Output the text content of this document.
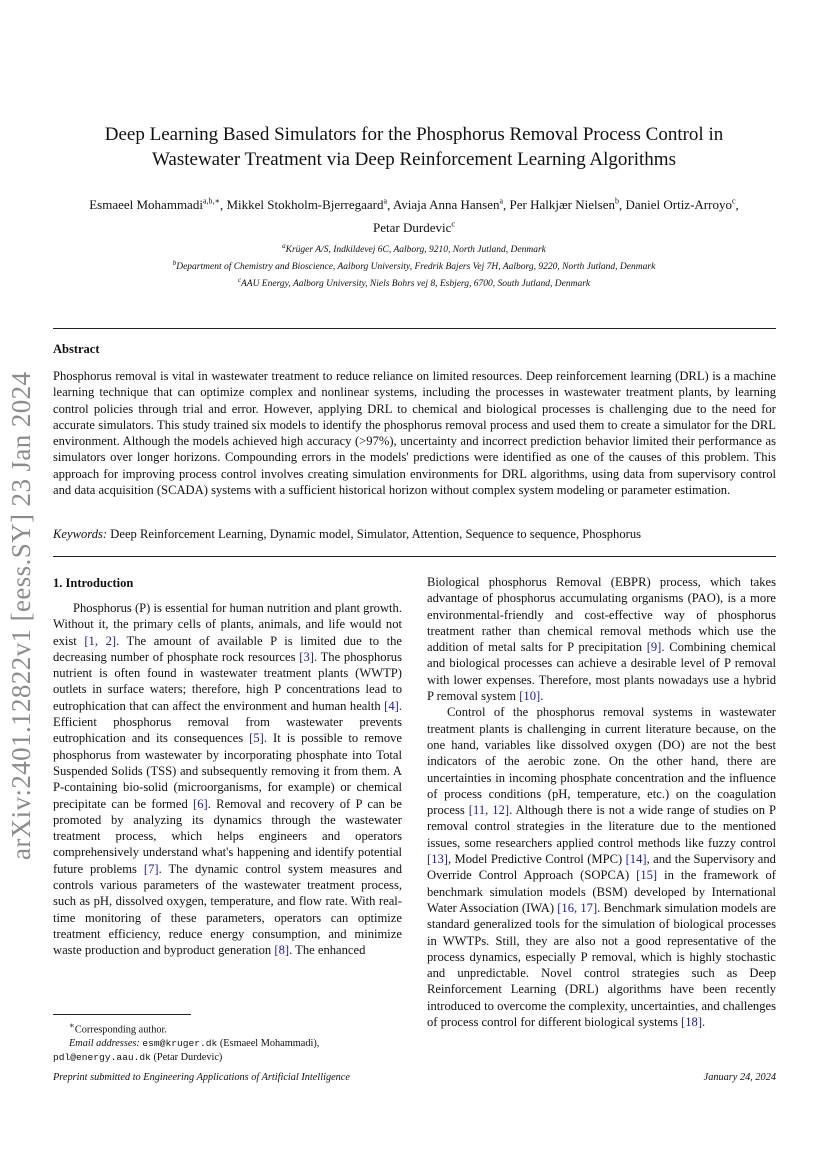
arXiv:2401.12822v1 [eess.SY] 23 Jan 2024
Deep Learning Based Simulators for the Phosphorus Removal Process Control in
Wastewater Treatment via Deep Reinforcement Learning Algorithms
Esmaeel Mohammadi$^{a,b,∗}$, Mikkel Stokholm-Bjerregaard$^a$, Aviaja Anna Hansen$^a$, Per Halkjær Nielsen$^b$, Daniel Ortiz-Arroyo$^c$,
Petar Durdevic$^c$
$^a$Krüger A/S, Indkildevej 6C, Aalborg, 9210, North Jutland, Denmark
$^b$Department of Chemistry and Bioscience, Aalborg University, Fredrik Bajers Vej 7H, Aalborg, 9220, North Jutland, Denmark
$^c$AAU Energy, Aalborg University, Niels Bohrs vej 8, Esbjerg, 6700, South Jutland, Denmark
Abstract
Phosphorus removal is vital in wastewater treatment to reduce reliance on limited resources. Deep reinforcement learning (DRL) is a machine learning technique that can optimize complex and nonlinear systems, including the processes in wastewater treatment plants, by learning control policies through trial and error. However, applying DRL to chemical and biological processes is challenging due to the need for accurate simulators. This study trained six models to identify the phosphorus removal process and used them to create a simulator for the DRL environment. Although the models achieved high accuracy (>97%), uncertainty and incorrect prediction behavior limited their performance as simulators over longer horizons. Compounding errors in the models' predictions were identified as one of the causes of this problem. This approach for improving process control involves creating simulation environments for DRL algorithms, using data from supervisory control and data acquisition (SCADA) systems with a sufficient historical horizon without complex system modeling or parameter estimation.
Keywords: Deep Reinforcement Learning, Dynamic model, Simulator, Attention, Sequence to sequence, Phosphorus
1. Introduction

Phosphorus (P) is essential for human nutrition and plant growth. Without it, the primary cells of plants, animals, and life would not exist [1, 2]. The amount of available P is limited due to the decreasing number of phosphate rock resources [3]. The phosphorus nutrient is often found in wastewater treatment plants (WWTP) outlets in surface waters; therefore, high P concentrations lead to eutrophication that can affect the environment and human health [4]. Efficient phosphorus removal from wastewater prevents eutrophication and its consequences [5]. It is possible to remove phosphorus from wastewater by incorporating phosphate into Total Suspended Solids (TSS) and subsequently removing it from them. A P-containing bio-solid (microorganisms, for example) or chemical precipitate can be formed [6]. Removal and recovery of P can be promoted by analyzing its dynamics through the wastewater treatment process, which helps engineers and operators comprehensively understand what's happening and identify potential future problems [7]. The dynamic control system measures and controls various parameters of the wastewater treatment process, such as pH, dissolved oxygen, temperature, and flow rate. With real-time monitoring of these parameters, operators can optimize treatment efficiency, reduce energy consumption, and minimize waste production and byproduct generation [8]. The enhanced

Biological phosphorus Removal (EBPR) process, which takes advantage of phosphorus accumulating organisms (PAO), is a more environmental-friendly and cost-effective way of phosphorus treatment rather than chemical removal methods which use the addition of metal salts for P precipitation [9]. Combining chemical and biological processes can achieve a desirable level of P removal with lower expenses. Therefore, most plants nowadays use a hybrid P removal system [10].

Control of the phosphorus removal systems in wastewater treatment plants is challenging in current literature because, on the one hand, variables like dissolved oxygen (DO) are not the best indicators of the aerobic zone. On the other hand, there are uncertainties in incoming phosphate concentration and the influence of process conditions (pH, temperature, etc.) on the coagulation process [11, 12]. Although there is not a wide range of studies on P removal control strategies in the literature due to the mentioned issues, some researchers applied control methods like fuzzy control [13], Model Predictive Control (MPC) [14], and the Supervisory and Override Control Approach (SOPCA) [15] in the framework of benchmark simulation models (BSM) developed by International Water Association (IWA) [16, 17]. Benchmark simulation models are standard generalized tools for the simulation of biological processes in WWTPs. Still, they are also not a good representative of the process dynamics, especially P removal, which is highly stochastic and unpredictable. Novel control strategies such as Deep Reinforcement Learning (DRL) algorithms have been recently introduced to overcome the complexity, uncertainties, and challenges of process control for different biological systems [18].

∗Corresponding author.
Email addresses: esm@kruger.dk (Esmaeel Mohammadi),
pdl@energy.aau.dk (Petar Durdevic)
Preprint submitted to Engineering Applications of Artificial Intelligence	January 24, 2024
